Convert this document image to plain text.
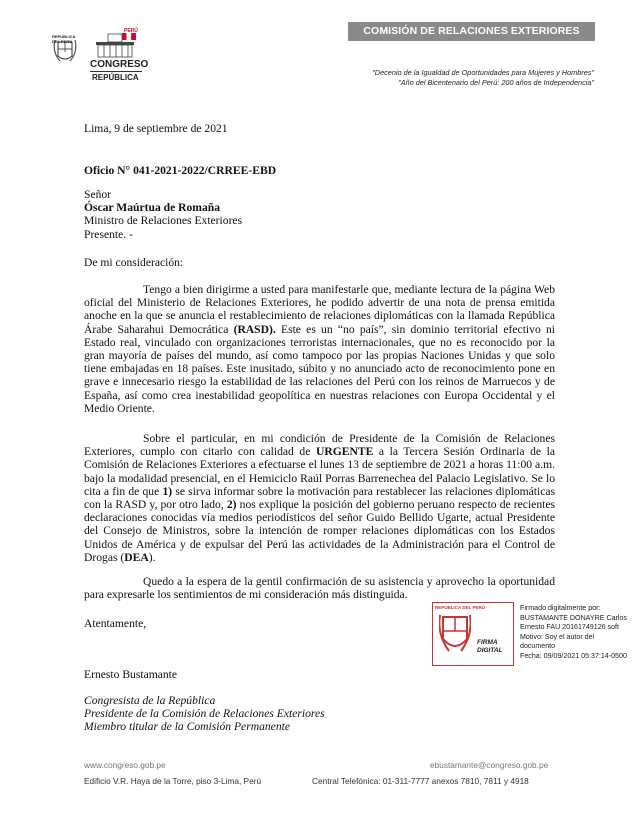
REPÚBLICA DEL PERÚ
PERÚ
CONGRESO
REPÚBLICA
COMISIÓN DE RELACIONES EXTERIORES
"Decenio de la Igualdad de Oportunidades para Mujeres y Hombres"
"Año del Bicentenario del Perú: 200 años de Independencia"
Lima, 9 de septiembre de 2021
Oficio N° 041-2021-2022/CRREE-EBD
Señor
Óscar Maúrtua de Romaña
Ministro de Relaciones Exteriores
Presente. -
De mi consideración:
Tengo a bien dirigirme a usted para manifestarle que, mediante lectura de la página Web oficial del Ministerio de Relaciones Exteriores, he podido advertir de una nota de prensa emitida anoche en la que se anuncia el restablecimiento de relaciones diplomáticas con la llamada República Árabe Saharahui Democrática (RASD). Este es un “no país”, sin dominio territorial efectivo ni Estado real, vinculado con organizaciones terroristas internacionales, que no es reconocido por la gran mayoría de países del mundo, así como tampoco por las propias Naciones Unidas y que solo tiene embajadas en 18 países. Este inusitado, súbito y no anunciado acto de reconocimiento pone en grave e innecesario riesgo la estabilidad de las relaciones del Perú con los reinos de Marruecos y de España, así como crea inestabilidad geopolítica en nuestras relaciones con Europa Occidental y el Medio Oriente.
Sobre el particular, en mi condición de Presidente de la Comisión de Relaciones Exteriores, cumplo con citarlo con calidad de URGENTE a la Tercera Sesión Ordinaria de la Comisión de Relaciones Exteriores a efectuarse el lunes 13 de septiembre de 2021 a horas 11:00 a.m. bajo la modalidad presencial, en el Hemiciclo Raúl Porras Barrenechea del Palacio Legislativo. Se lo cita a fin de que 1) se sirva informar sobre la motivación para restablecer las relaciones diplomáticas con la RASD y, por otro lado, 2) nos explique la posición del gobierno peruano respecto de recientes declaraciones conocidas vía medios periodísticos del señor Guido Bellido Ugarte, actual Presidente del Consejo de Ministros, sobre la intención de romper relaciones diplomáticas con los Estados Unidos de América y de expulsar del Perú las actividades de la Administración para el Control de Drogas (DEA).
Quedo a la espera de la gentil confirmación de su asistencia y aprovecho la oportunidad para expresarle los sentimientos de mi consideración más distinguida.
Atentamente,
Ernesto Bustamante
Congresista de la República
Presidente de la Comisión de Relaciones Exteriores
Miembro titular de la Comisión Permanente
REPÚBLICA DEL PERÚ
FIRMA
DIGITAL
Firmado digitalmente por:
BUSTAMANTE DONAYRE Carlos
Ernesto FAU 20161749126 soft
Motivo: Soy el autor del
documento
Fecha: 09/09/2021 05:37:14-0500
www.congreso.gob.pe	ebustamante@congreso.gob.pe
Edificio V.R. Haya de la Torre, piso 3-Lima, Perú	Central Telefónica: 01-311-7777 anexos 7810, 7811 y 4918
